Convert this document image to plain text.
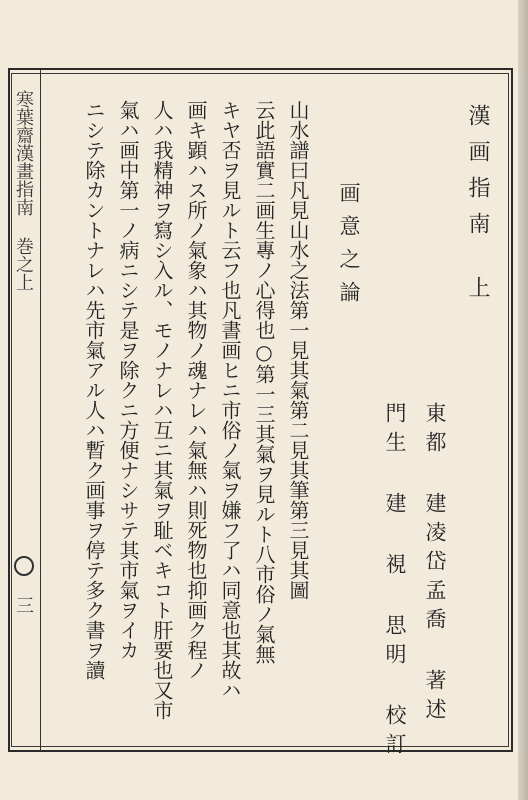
寒葉齋漢畫指南 巻之上
三
漢画指南
上
東都 建凌岱孟喬 著述
門生 建 視 思明 校訂
画意之論
山水譜曰凡見山水之法第一見其氣第二見其筆第三見其圖
云此語實二画生專ノ心得也○第一三其氣ヲ見ルト八市俗ノ氣無
キヤ否ヲ見ルト云フ也凡書画ヒニ市俗ノ氣ヲ嫌フ了ハ同意也其故ハ
画キ顕ハス所ノ氣象ハ其物ノ魂ナレハ氣無ハ則死物也抑画ク程ノ
人ハ我精神ヲ寫シ入ル、モノナレハ互ニ其氣ヲ耻ベキコト肝要也又市
氣ハ画中第一ノ病ニシテ是ヲ除クニ方便ナシサテ其市氣ヲイカ
ニシテ除カントナレハ先市氣アル人ハ暫ク画事ヲ停テ多ク書ヲ讀
